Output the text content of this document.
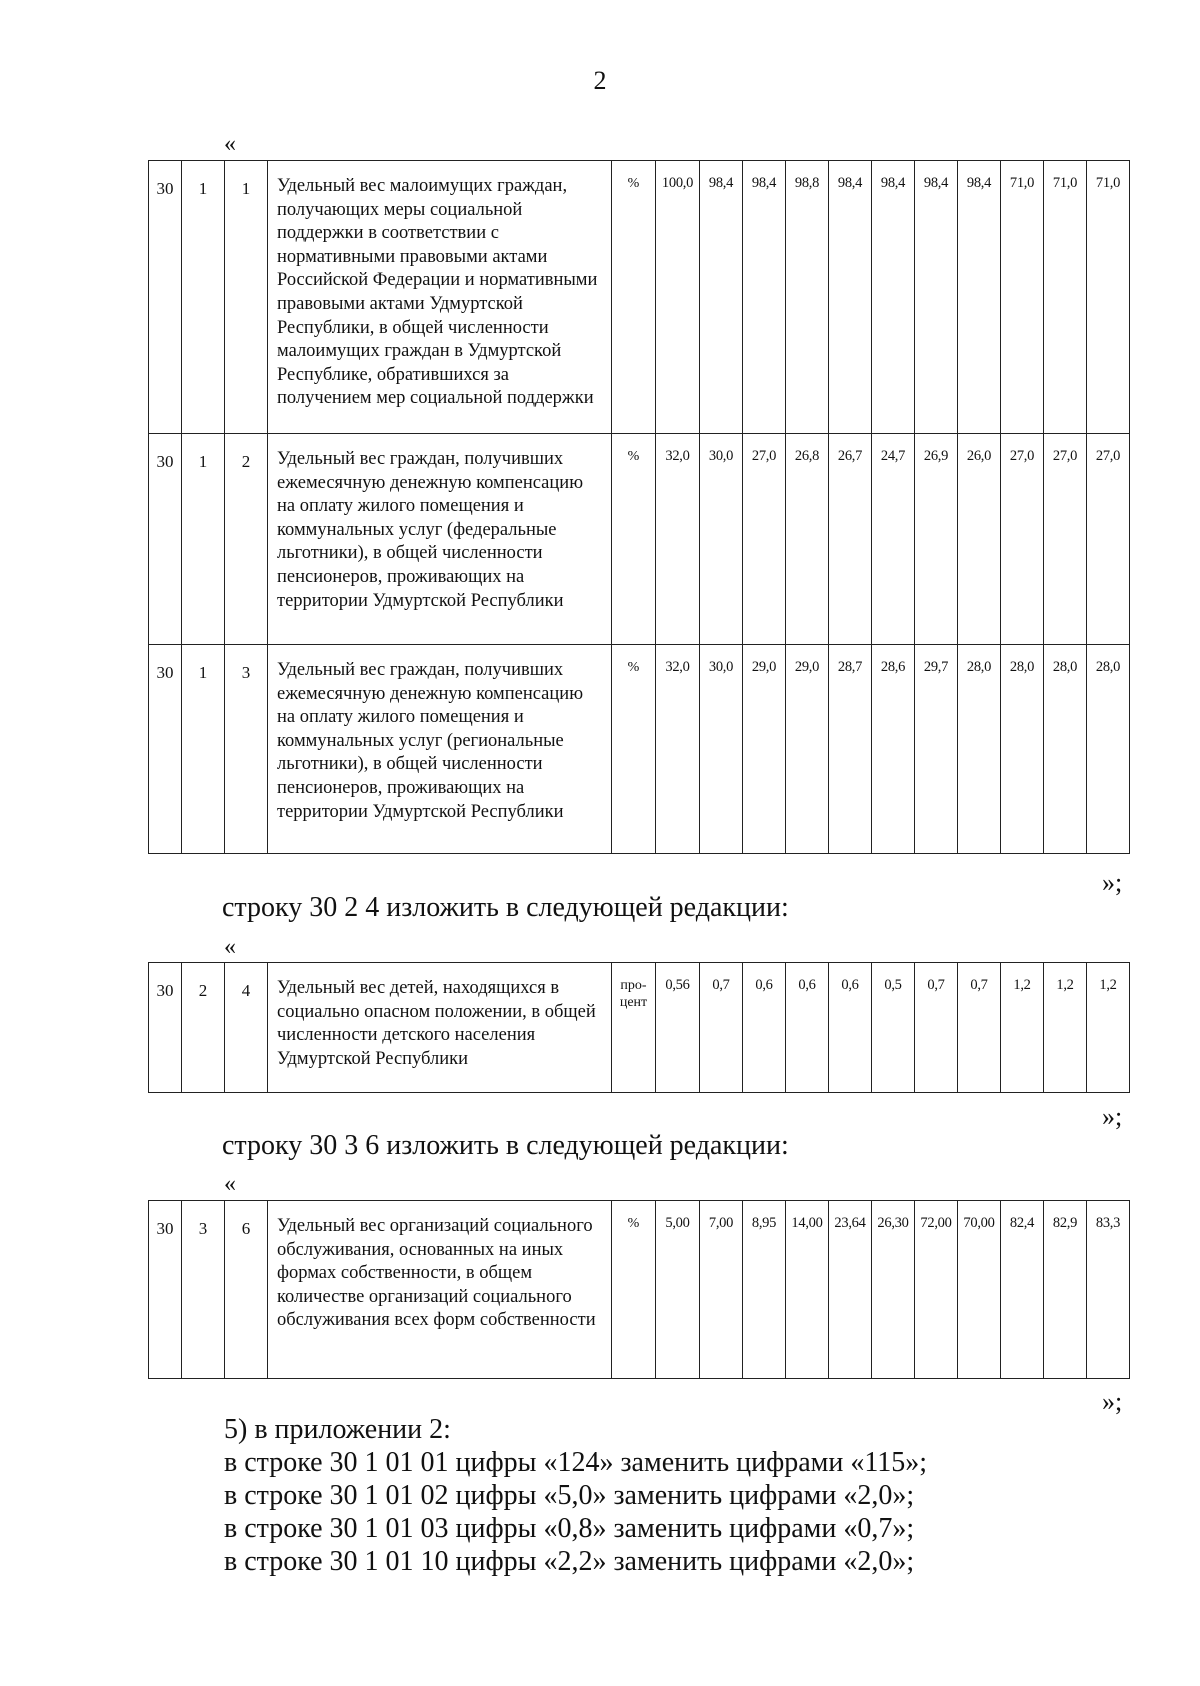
2
«
30	1	1	Удельный вес малоимущих граждан, получающих меры социальной поддержки в соответствии с нормативными правовыми актами Российской Федерации и нормативными правовыми актами Удмуртской Республики, в общей численности малоимущих граждан в Удмуртской Республике, обратившихся за получением мер социальной поддержки	%	100,0	98,4	98,4	98,8	98,4	98,4	98,4	98,4	71,0	71,0	71,0
30	1	2	Удельный вес граждан, получивших ежемесячную денежную компенсацию на оплату жилого помещения и коммунальных услуг (федеральные льготники), в общей численности пенсионеров, проживающих на территории Удмуртской Республики	%	32,0	30,0	27,0	26,8	26,7	24,7	26,9	26,0	27,0	27,0	27,0
30	1	3	Удельный вес граждан, получивших ежемесячную денежную компенсацию на оплату жилого помещения и коммунальных услуг (региональные льготники), в общей численности пенсионеров, проживающих на территории Удмуртской Республики	%	32,0	30,0	29,0	29,0	28,7	28,6	29,7	28,0	28,0	28,0	28,0
»;
строку 30 2 4 изложить в следующей редакции:
«
30	2	4	Удельный вес детей, находящихся в социально опасном положении, в общей численности детского населения Удмуртской Республики	про- цент	0,56	0,7	0,6	0,6	0,6	0,5	0,7	0,7	1,2	1,2	1,2
»;
строку 30 3 6 изложить в следующей редакции:
«
30	3	6	Удельный вес организаций социального обслуживания, основанных на иных формах собственности, в общем количестве организаций социального обслуживания всех форм собственности	%	5,00	7,00	8,95	14,00	23,64	26,30	72,00	70,00	82,4	82,9	83,3
»;
5) в приложении 2:
в строке 30 1 01 01 цифры «124» заменить цифрами «115»;
в строке 30 1 01 02 цифры «5,0» заменить цифрами «2,0»;
в строке 30 1 01 03 цифры «0,8» заменить цифрами «0,7»;
в строке 30 1 01 10 цифры «2,2» заменить цифрами «2,0»;
